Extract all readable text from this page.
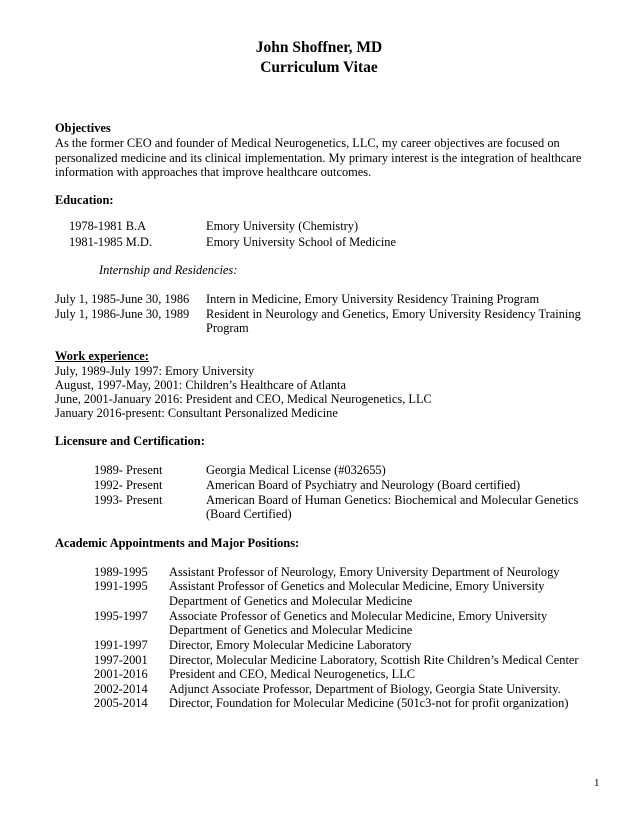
John Shoffner, MD
Curriculum Vitae
Objectives
As the former CEO and founder of Medical Neurogenetics, LLC, my career objectives are focused on
personalized medicine and its clinical implementation. My primary interest is the integration of healthcare
information with approaches that improve healthcare outcomes.
Education:
1978-1981 B.A	Emory University (Chemistry)
1981-1985 M.D.	Emory University School of Medicine
Internship and Residencies:
July 1, 1985-June 30, 1986 Intern in Medicine, Emory University Residency Training Program
July 1, 1986-June 30, 1989 Resident in Neurology and Genetics, Emory University Residency Training
Program
Work experience:
July, 1989-July 1997: Emory University
August, 1997-May, 2001: Children’s Healthcare of Atlanta
June, 2001-January 2016: President and CEO, Medical Neurogenetics, LLC
January 2016-present: Consultant Personalized Medicine
Licensure and Certification:
1989- Present	Georgia Medical License (#032655)
1992- Present	American Board of Psychiatry and Neurology (Board certified)
1993- Present	American Board of Human Genetics: Biochemical and Molecular Genetics
(Board Certified)
Academic Appointments and Major Positions:
1989-1995 Assistant Professor of Neurology, Emory University Department of Neurology
1991-1995 Assistant Professor of Genetics and Molecular Medicine, Emory University
Department of Genetics and Molecular Medicine
1995-1997 Associate Professor of Genetics and Molecular Medicine, Emory University
Department of Genetics and Molecular Medicine
1991-1997 Director, Emory Molecular Medicine Laboratory
1997-2001 Director, Molecular Medicine Laboratory, Scottish Rite Children’s Medical Center
2001-2016 President and CEO, Medical Neurogenetics, LLC
2002-2014 Adjunct Associate Professor, Department of Biology, Georgia State University.
2005-2014 Director, Foundation for Molecular Medicine (501c3-not for profit organization)
1
